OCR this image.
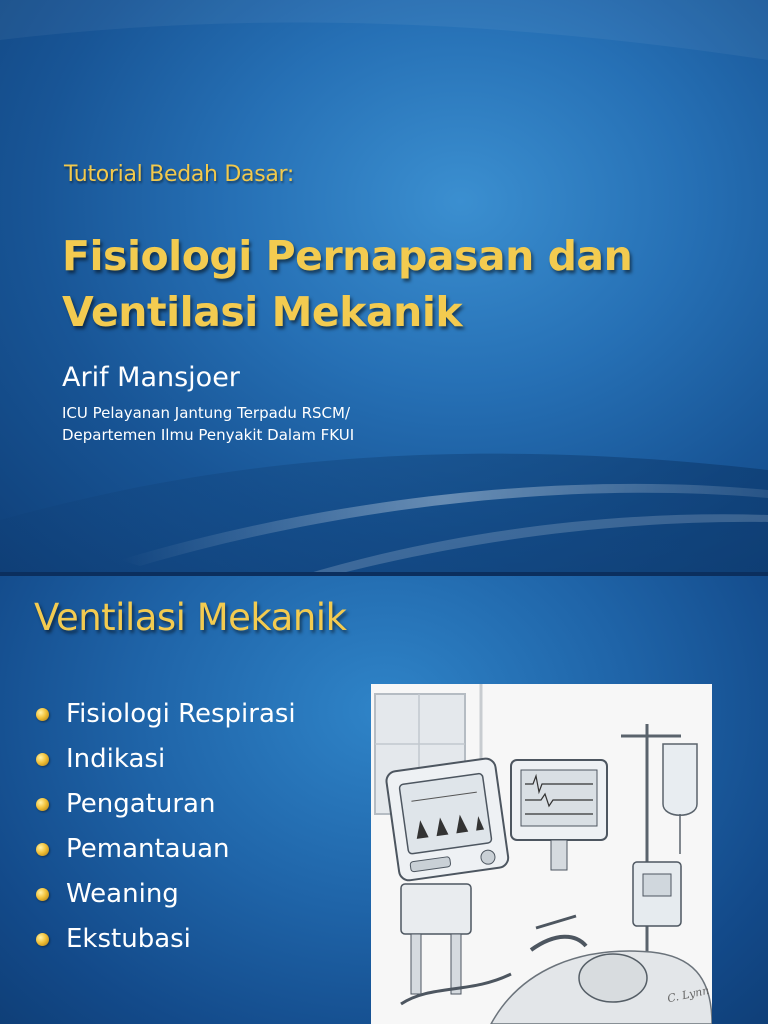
Tutorial Bedah Dasar:
Fisiologi Pernapasan dan
Ventilasi Mekanik
Arif Mansjoer
ICU Pelayanan Jantung Terpadu RSCM/
Departemen Ilmu Penyakit Dalam FKUI
Ventilasi Mekanik
Fisiologi Respirasi
Indikasi
Pengaturan
Pemantauan
Weaning
Ekstubasi
C. Lynn
